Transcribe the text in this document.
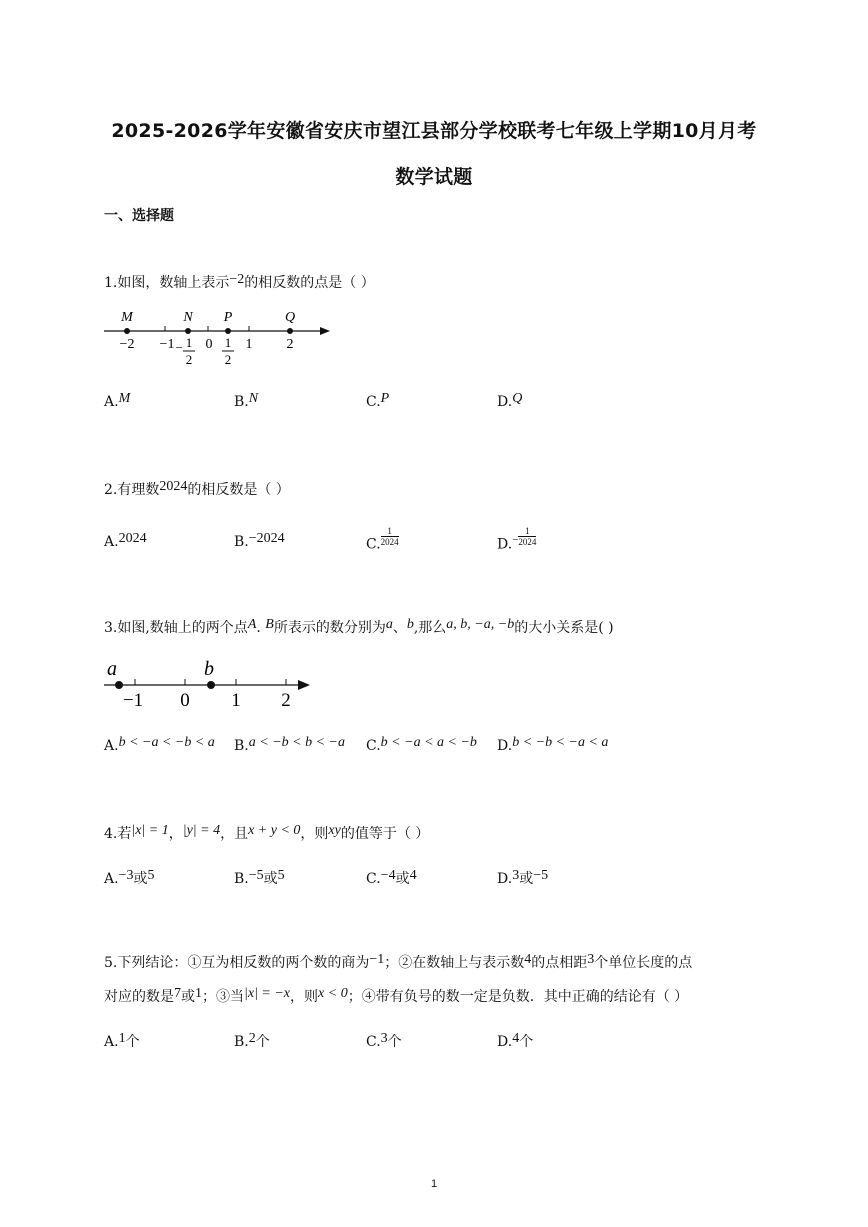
2025-2026学年安徽省安庆市望江县部分学校联考七年级上学期10月月考
数学试题
一、选择题
1.如图，数轴上表示−2的相反数的点是（ ）
M	N P	Q
−2 −1 0 1 2
− 1
2
1
2
A.M	B.N	C.P	D.Q
2.有理数2024的相反数是（ ）
A.2024	B.−2024	C. $\frac{1}{2024}$	$D.^- \frac{1}{2024}$
3.如图,数轴上的两个点A. B所表示的数分别为a、b,那么a, b, −a, −b的大小关系是( )
a	b
−1 0 1 2
A.b < −a < −b < a B.a < −b < b < −a C.b < −a < a < −b D.b < −b < −a < a
4.若|x| = 1，|y| = 4，且x + y < 0，则xy的值等于（ ）
A.−3或5	B.−5或5	C.−4或4	D.3或−5
5.下列结论：①互为相反数的两个数的商为−1；②在数轴上与表示数4的点相距3个单位长度的点
对应的数是7或1；③当|x| = −x，则x < 0；④带有负号的数一定是负数．其中正确的结论有（ ）
A.1个	B.2个	C.3个	D.4个
1
